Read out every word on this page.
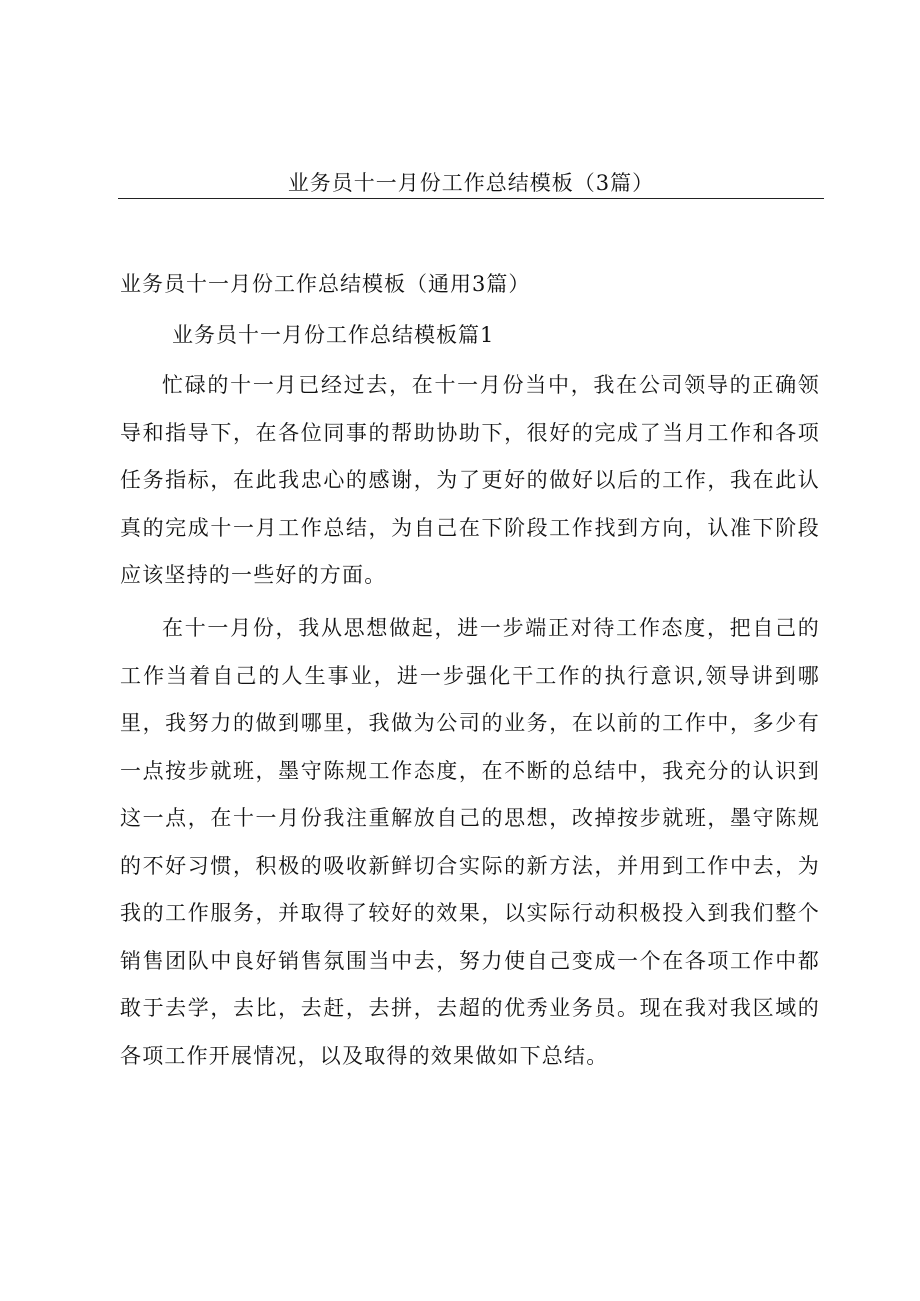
业务员十一月份工作总结模板（3篇）
业务员十一月份工作总结模板（通用3篇）
业务员十一月份工作总结模板篇1

忙碌的十一月已经过去，在十一月份当中，我在公司领导的正确领导和指导下，在各位同事的帮助协助下，很好的完成了当月工作和各项任务指标，在此我忠心的感谢，为了更好的做好以后的工作，我在此认真的完成十一月工作总结，为自己在下阶段工作找到方向，认准下阶段应该坚持的一些好的方面。

在十一月份，我从思想做起，进一步端正对待工作态度，把自己的工作当着自己的人生事业，进一步强化干工作的执行意识,领导讲到哪里，我努力的做到哪里，我做为公司的业务，在以前的工作中，多少有一点按步就班，墨守陈规工作态度，在不断的总结中，我充分的认识到这一点，在十一月份我注重解放自己的思想，改掉按步就班，墨守陈规的不好习惯，积极的吸收新鲜切合实际的新方法，并用到工作中去，为我的工作服务，并取得了较好的效果，以实际行动积极投入到我们整个销售团队中良好销售氛围当中去，努力使自己变成一个在各项工作中都敢于去学，去比，去赶，去拼，去超的优秀业务员。现在我对我区域的各项工作开展情况，以及取得的效果做如下总结。
